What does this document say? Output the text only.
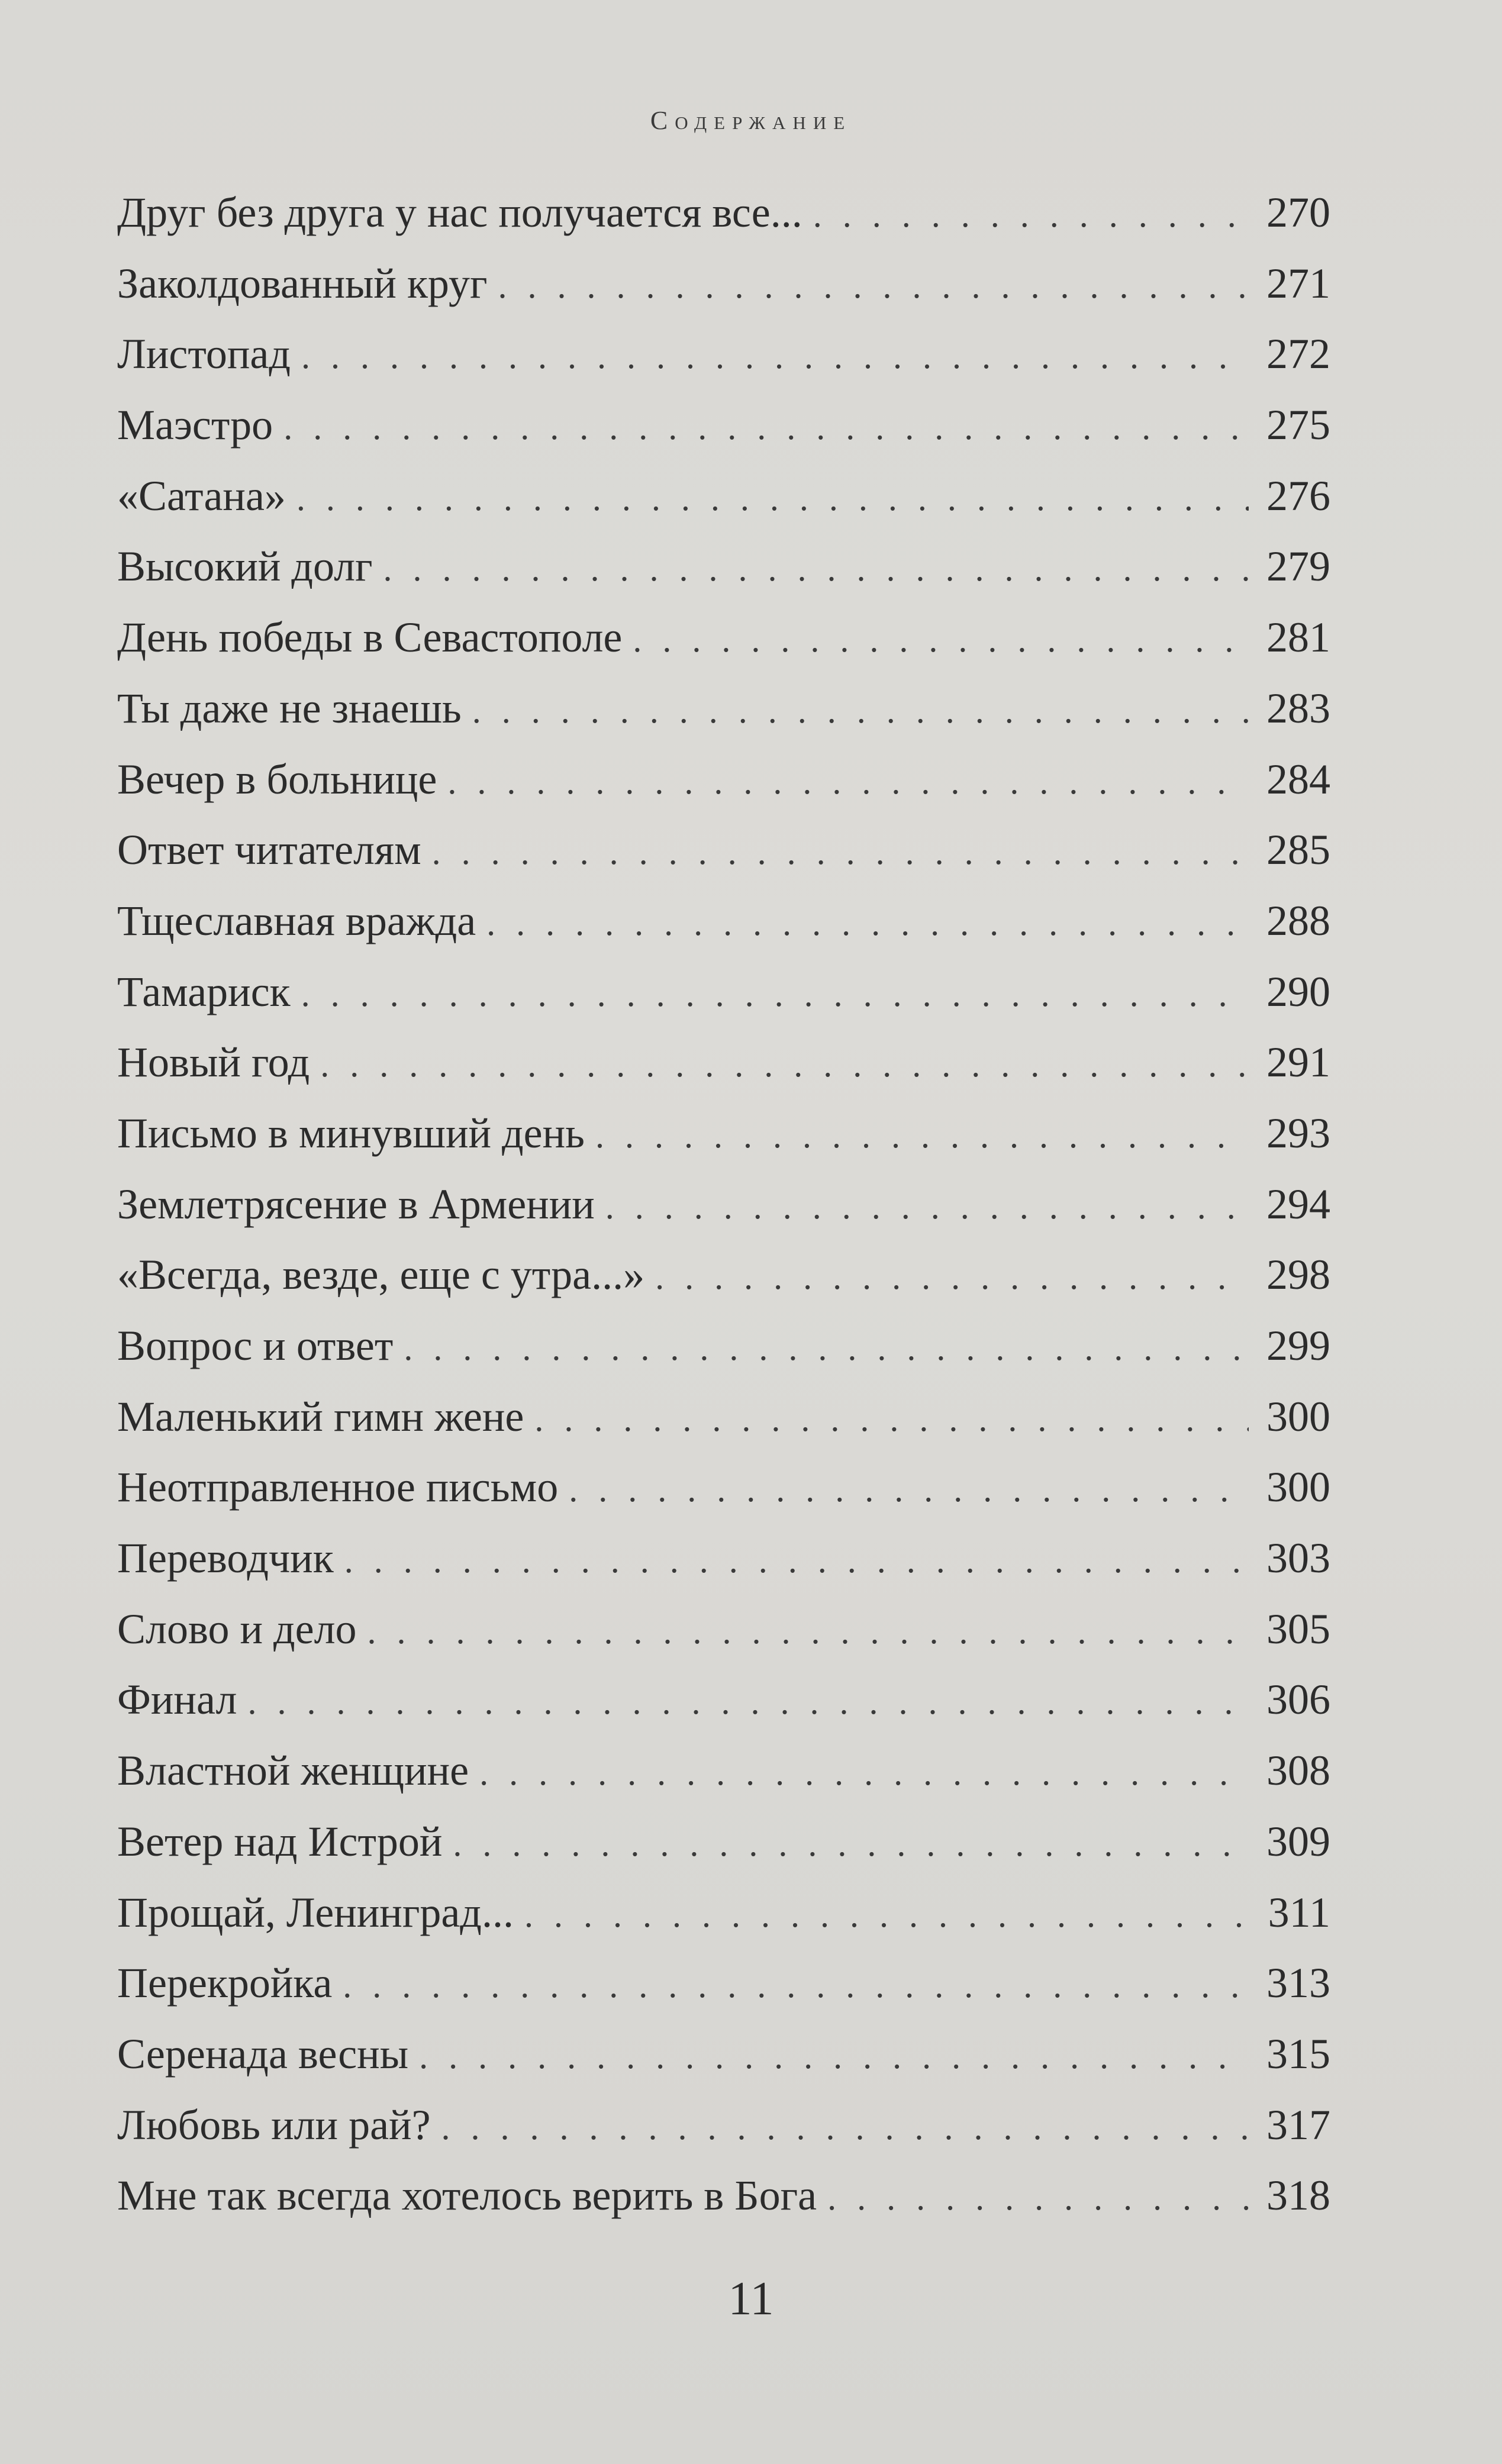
Содержание
Друг без друга у нас получается все... . . .	270
Заколдованный круг . . .	271
Листопад . . .	272
Маэстро . . .	275
«Сатана» . . .	276
Высокий долг . . .	279
День победы в Севастополе . . .	281
Ты даже не знаешь . . .	283
Вечер в больнице . . .	284
Ответ читателям . . .	285
Тщеславная вражда . . .	288
Тамариск . . .	290
Новый год . . .	291
Письмо в минувший день . . .	293
Землетрясение в Армении . . .	294
«Всегда, везде, еще с утра...» . . .	298
Вопрос и ответ . . .	299
Маленький гимн жене . . .	300
Неотправленное письмо . . .	300
Переводчик . . .	303
Слово и дело . . .	305
Финал . . .	306
Властной женщине . . .	308
Ветер над Истрой . . .	309
Прощай, Ленинград... . . .	311
Перекройка . . .	313
Серенада весны . . .	315
Любовь или рай? . . .	317
Мне так всегда хотелось верить в Бога . . .	318
11
